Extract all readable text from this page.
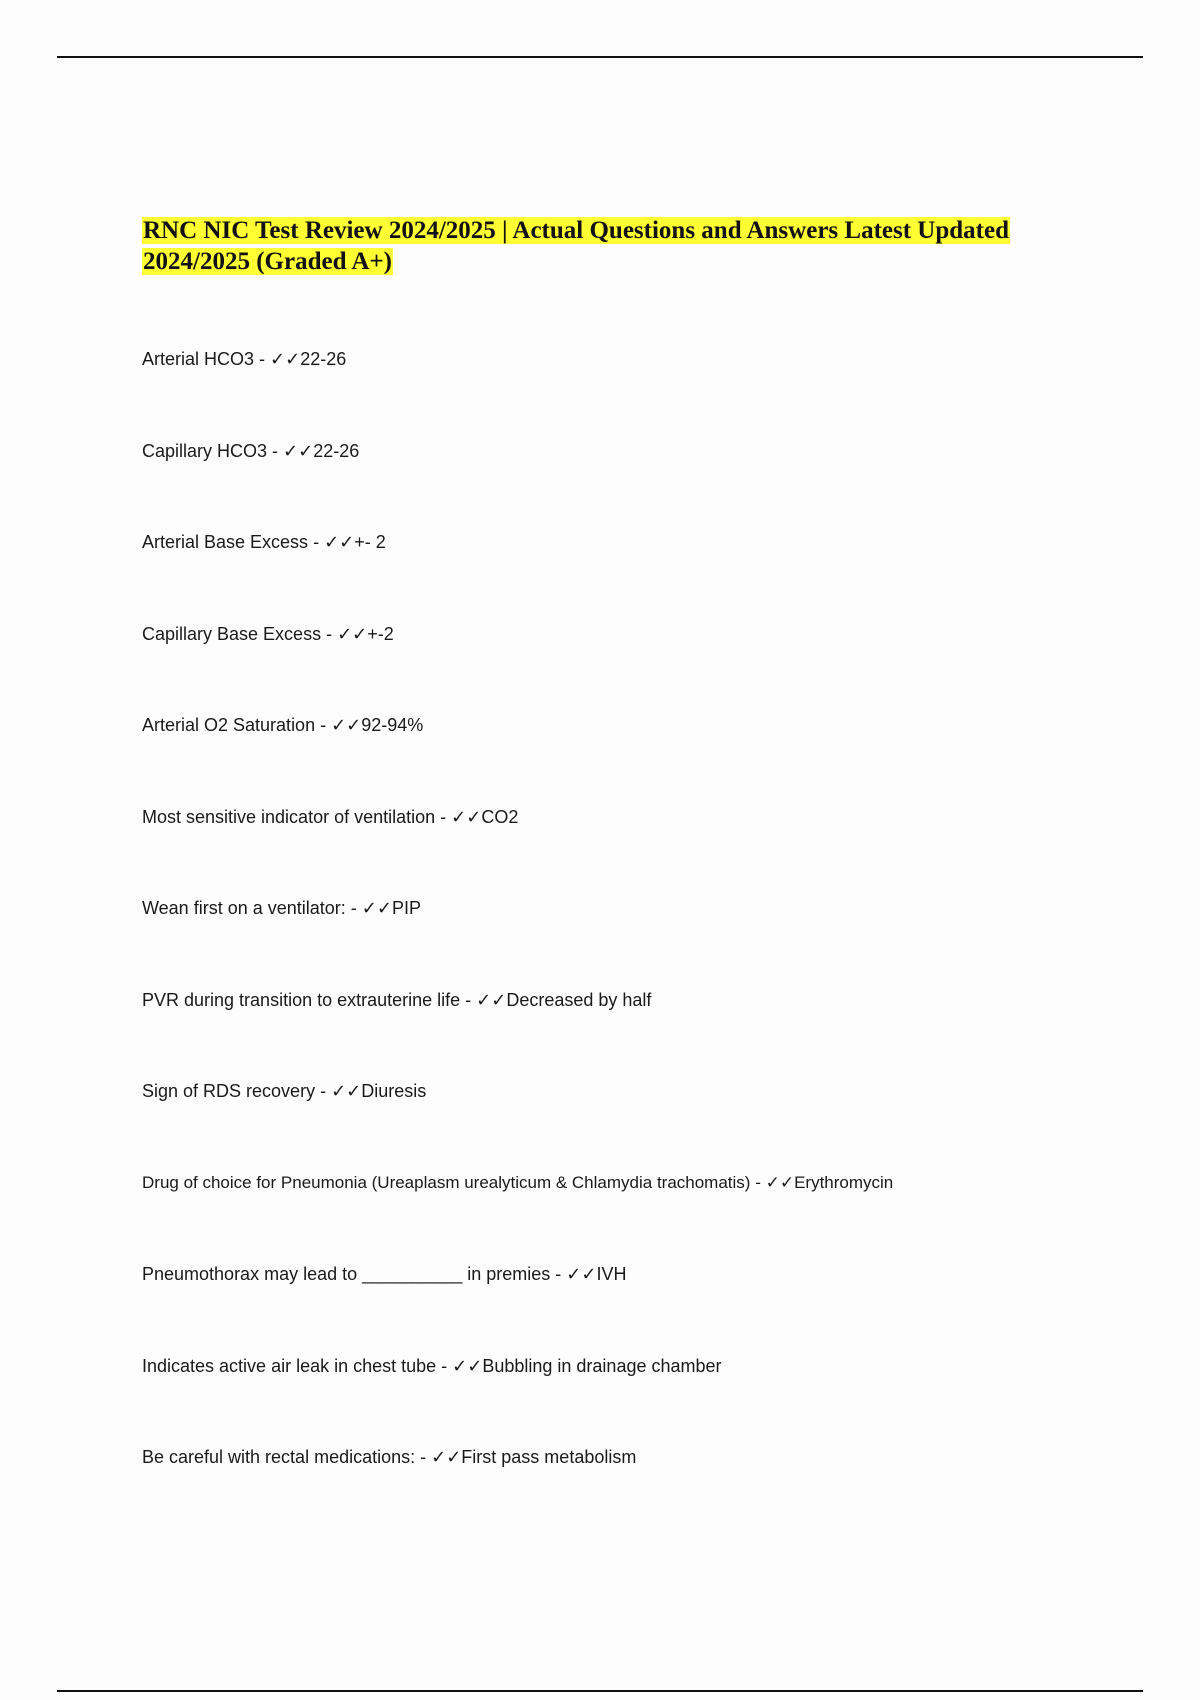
RNC NIC Test Review 2024/2025 | Actual Questions and Answers Latest Updated 2024/2025 (Graded A+)
Arterial HCO3 - ✓✓22-26
Capillary HCO3 - ✓✓22-26
Arterial Base Excess - ✓✓+- 2
Capillary Base Excess - ✓✓+-2
Arterial O2 Saturation - ✓✓92-94%
Most sensitive indicator of ventilation - ✓✓CO2
Wean first on a ventilator: - ✓✓PIP
PVR during transition to extrauterine life - ✓✓Decreased by half
Sign of RDS recovery - ✓✓Diuresis
Drug of choice for Pneumonia (Ureaplasm urealyticum & Chlamydia trachomatis) - ✓✓Erythromycin
Pneumothorax may lead to __________ in premies - ✓✓IVH
Indicates active air leak in chest tube - ✓✓Bubbling in drainage chamber
Be careful with rectal medications: - ✓✓First pass metabolism
